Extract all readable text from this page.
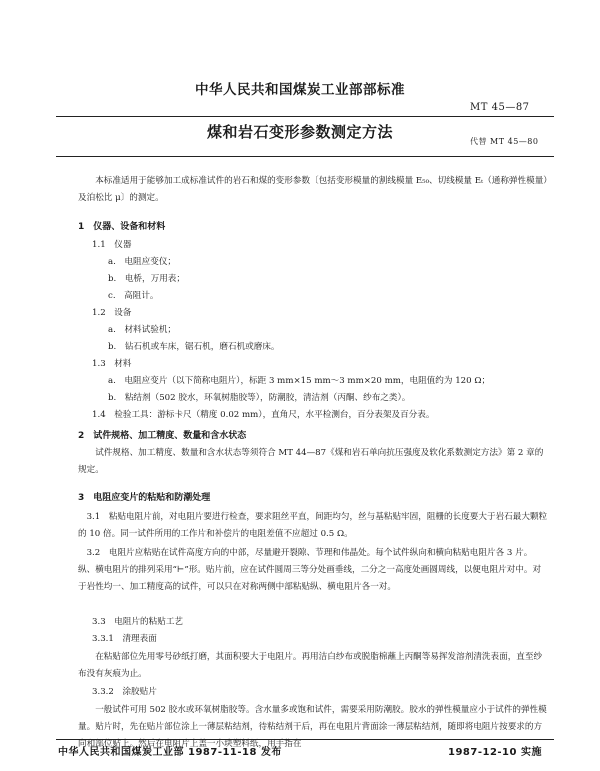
中华人民共和国煤炭工业部部标准
MT 45—87
煤和岩石变形参数测定方法
代替 MT 45—80
本标准适用于能够加工成标准试件的岩石和煤的变形参数〔包括变形模量的割线模量 E₅₀、切线模量 Eₜ（通称弹性模量）及泊松比 μ〕的测定。
1　仪器、设备和材料
1.1　仪器
a.　电阻应变仪；
b.　电桥，万用表；
c.　高阻计。
1.2　设备
a.　材料试验机；
b.　钻石机或车床，锯石机，磨石机或磨床。
1.3　材料
a.　电阻应变片（以下简称电阻片），标距 3 mm×15 mm～3 mm×20 mm，电阻值约为 120 Ω；
b.　粘结剂（502 胶水，环氧树脂胶等），防潮胶，清洁剂（丙酮、纱布之类）。
1.4　检验工具：游标卡尺（精度 0.02 mm），直角尺，水平检测台，百分表架及百分表。
2　试件规格、加工精度、数量和含水状态
试件规格、加工精度、数量和含水状态等须符合 MT 44—87《煤和岩石单向抗压强度及软化系数测定方法》第 2 章的规定。
3　电阻应变片的粘贴和防潮处理
3.1　粘贴电阻片前，对电阻片要进行检查，要求阻丝平直，间距均匀，丝与基粘贴牢固，阻栅的长度要大于岩石最大颗粒的 10 倍。同一试件所用的工作片和补偿片的电阻差值不应超过 0.5 Ω。
3.2　电阻片应粘贴在试件高度方向的中部，尽量避开裂隙、节理和伟晶处。每个试件纵向和横向粘贴电阻片各 3 片。纵、横电阻片的排列采用“⊢”形。贴片前，应在试件圆周三等分处画垂线，二分之一高度处画圆周线，以便电阻片对中。对于岩性均一、加工精度高的试件，可以只在对称两侧中部粘贴纵、横电阻片各一对。
3.3　电阻片的粘贴工艺
3.3.1　清理表面
在粘贴部位先用零号砂纸打磨，其面积要大于电阻片。再用洁白纱布或脱脂棉蘸上丙酮等易挥发溶剂清洗表面，直至纱布没有灰痕为止。
3.3.2　涂胶贴片
一般试件可用 502 胶水或环氧树脂胶等。含水量多或饱和试件，需要采用防潮胶。胶水的弹性模量应小于试件的弹性模量。贴片时，先在贴片部位涂上一薄层粘结剂，待粘结剂干后，再在电阻片背面涂一薄层粘结剂，随即将电阻片按要求的方向和部位贴上。然后在电阻片上盖一小块塑料纸，用手指在
中华人民共和国煤炭工业部 1987-11-18 发布	1987-12-10 实施
